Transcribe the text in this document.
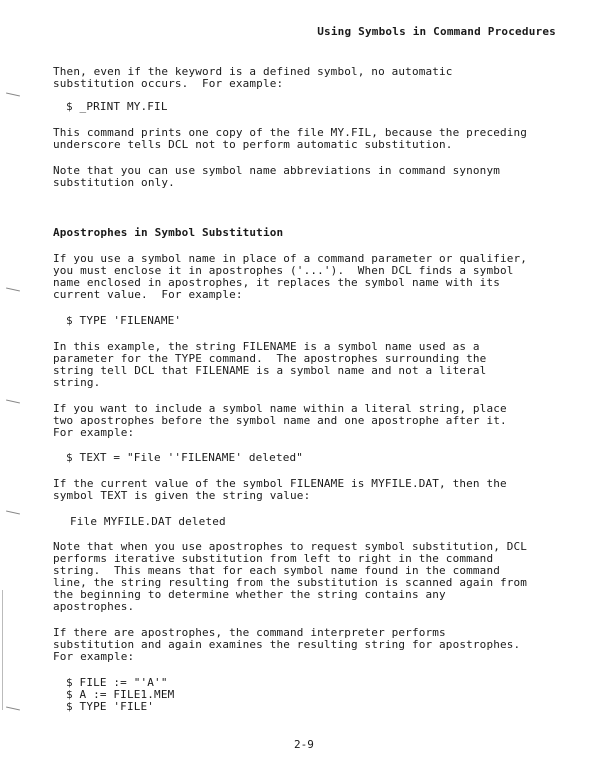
Using Symbols in Command Procedures
Then, even if the keyword is a defined symbol, no automatic
substitution occurs.  For example:
$ _PRINT MY.FIL
This command prints one copy of the file MY.FIL, because the preceding
underscore tells DCL not to perform automatic substitution.
Note that you can use symbol name abbreviations in command synonym
substitution only.
Apostrophes in Symbol Substitution
If you use a symbol name in place of a command parameter or qualifier,
you must enclose it in apostrophes ('...').  When DCL finds a symbol
name enclosed in apostrophes, it replaces the symbol name with its
current value.  For example:
$ TYPE 'FILENAME'
In this example, the string FILENAME is a symbol name used as a
parameter for the TYPE command.  The apostrophes surrounding the
string tell DCL that FILENAME is a symbol name and not a literal
string.
If you want to include a symbol name within a literal string, place
two apostrophes before the symbol name and one apostrophe after it.
For example:
$ TEXT = "File ''FILENAME' deleted"
If the current value of the symbol FILENAME is MYFILE.DAT, then the
symbol TEXT is given the string value:
File MYFILE.DAT deleted
Note that when you use apostrophes to request symbol substitution, DCL
performs iterative substitution from left to right in the command
string.  This means that for each symbol name found in the command
line, the string resulting from the substitution is scanned again from
the beginning to determine whether the string contains any
apostrophes.
If there are apostrophes, the command interpreter performs
substitution and again examines the resulting string for apostrophes.
For example:
$ FILE := "'A'"
$ A := FILE1.MEM
$ TYPE 'FILE'
2-9
